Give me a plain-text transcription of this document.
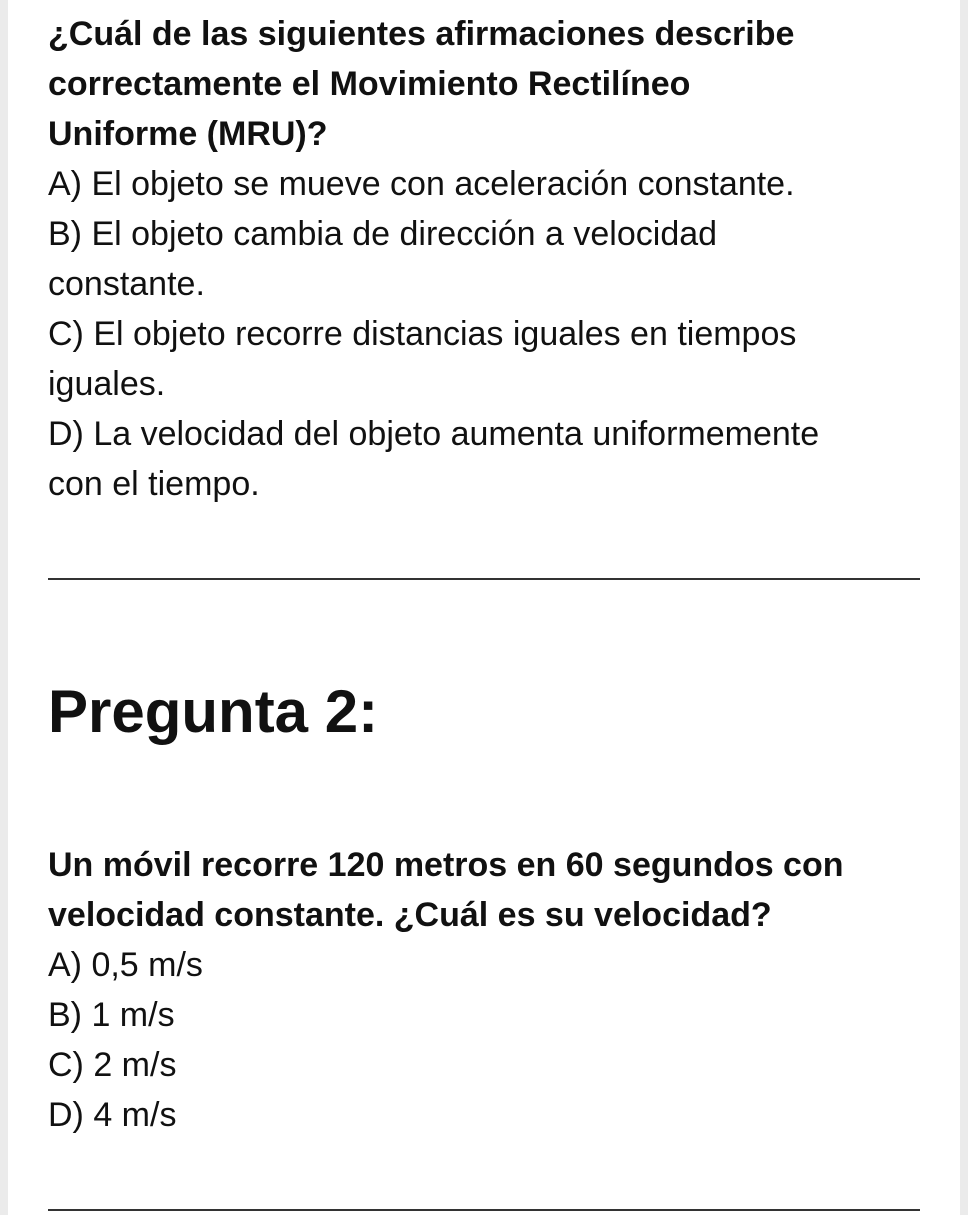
¿Cuál de las siguientes afirmaciones describe correctamente el Movimiento Rectilíneo Uniforme (MRU)?

A) El objeto se mueve con aceleración constante.

B) El objeto cambia de dirección a velocidad constante.

C) El objeto recorre distancias iguales en tiempos iguales.

D) La velocidad del objeto aumenta uniformemente con el tiempo.

Pregunta 2:

Un móvil recorre 120 metros en 60 segundos con velocidad constante. ¿Cuál es su velocidad?

A) 0,5 m/s

B) 1 m/s

C) 2 m/s

D) 4 m/s
